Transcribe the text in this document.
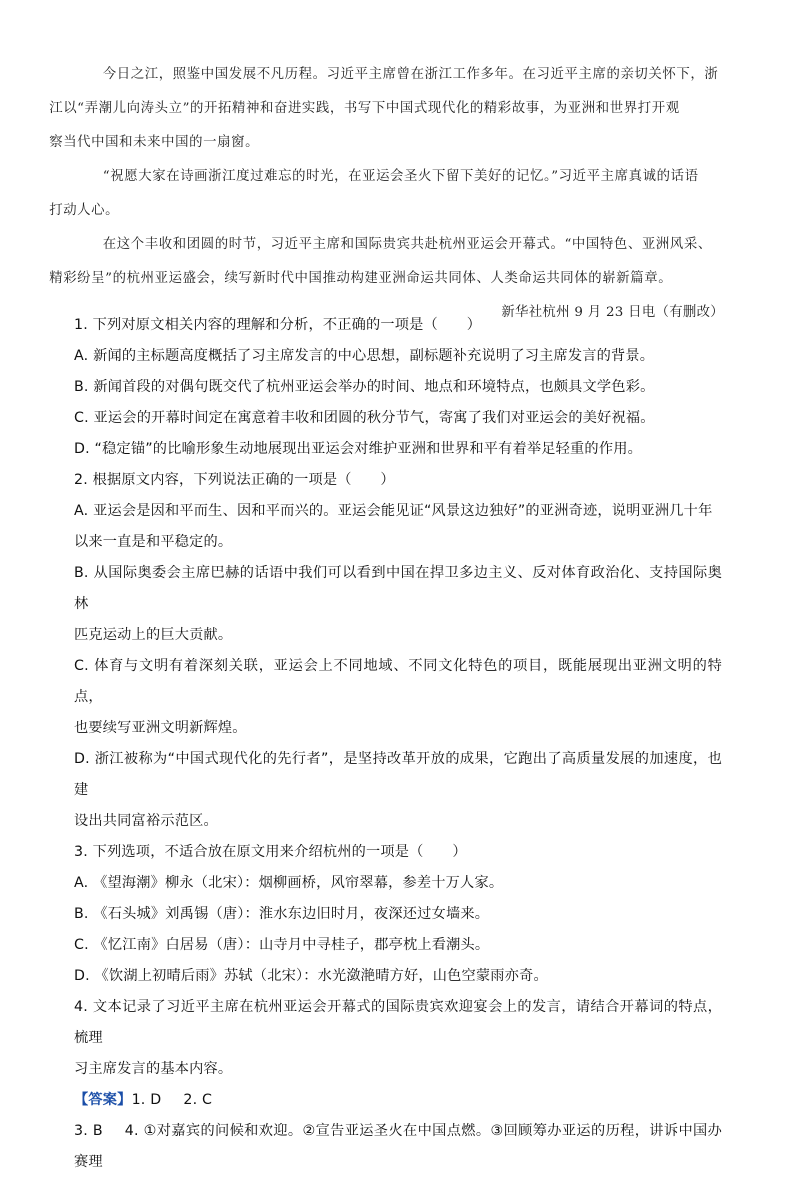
今日之江，照鉴中国发展不凡历程。习近平主席曾在浙江工作多年。在习近平主席的亲切关怀下，浙
江以“弄潮儿向涛头立”的开拓精神和奋进实践，书写下中国式现代化的精彩故事，为亚洲和世界打开观
察当代中国和未来中国的一扇窗。

“祝愿大家在诗画浙江度过难忘的时光，在亚运会圣火下留下美好的记忆。”习近平主席真诚的话语
打动人心。

在这个丰收和团圆的时节，习近平主席和国际贵宾共赴杭州亚运会开幕式。“中国特色、亚洲风采、
精彩纷呈”的杭州亚运盛会，续写新时代中国推动构建亚洲命运共同体、人类命运共同体的崭新篇章。

新华社杭州 9 月 23 日电（有删改）

1. 下列对原文相关内容的理解和分析，不正确的一项是（　　）

A. 新闻的主标题高度概括了习主席发言的中心思想，副标题补充说明了习主席发言的背景。

B. 新闻首段的对偶句既交代了杭州亚运会举办的时间、地点和环境特点，也颇具文学色彩。

C. 亚运会的开幕时间定在寓意着丰收和团圆的秋分节气，寄寓了我们对亚运会的美好祝福。

D. “稳定锚”的比喻形象生动地展现出亚运会对维护亚洲和世界和平有着举足轻重的作用。

2. 根据原文内容，下列说法正确的一项是（　　）

A. 亚运会是因和平而生、因和平而兴的。亚运会能见证“风景这边独好”的亚洲奇迹，说明亚洲几十年
以来一直是和平稳定的。

B. 从国际奥委会主席巴赫的话语中我们可以看到中国在捍卫多边主义、反对体育政治化、支持国际奥林
匹克运动上的巨大贡献。

C. 体育与文明有着深刻关联，亚运会上不同地域、不同文化特色的项目，既能展现出亚洲文明的特点，
也要续写亚洲文明新辉煌。

D. 浙江被称为“中国式现代化的先行者”，是坚持改革开放的成果，它跑出了高质量发展的加速度，也建
设出共同富裕示范区。

3. 下列选项，不适合放在原文用来介绍杭州的一项是（　　）

A. 《望海潮》柳永（北宋）：烟柳画桥，风帘翠幕，参差十万人家。

B. 《石头城》刘禹锡（唐）：淮水东边旧时月，夜深还过女墙来。

C. 《忆江南》白居易（唐）：山寺月中寻桂子，郡亭枕上看潮头。

D. 《饮湖上初晴后雨》苏轼（北宋）：水光潋滟晴方好，山色空蒙雨亦奇。

4. 文本记录了习近平主席在杭州亚运会开幕式的国际贵宾欢迎宴会上的发言，请结合开幕词的特点，梳理
习主席发言的基本内容。

【答案】1. D 2. C

3. B 4. ①对嘉宾的问候和欢迎。②宣告亚运圣火在中国点燃。③回顾筹办亚运的历程，讲诉中国办赛理
